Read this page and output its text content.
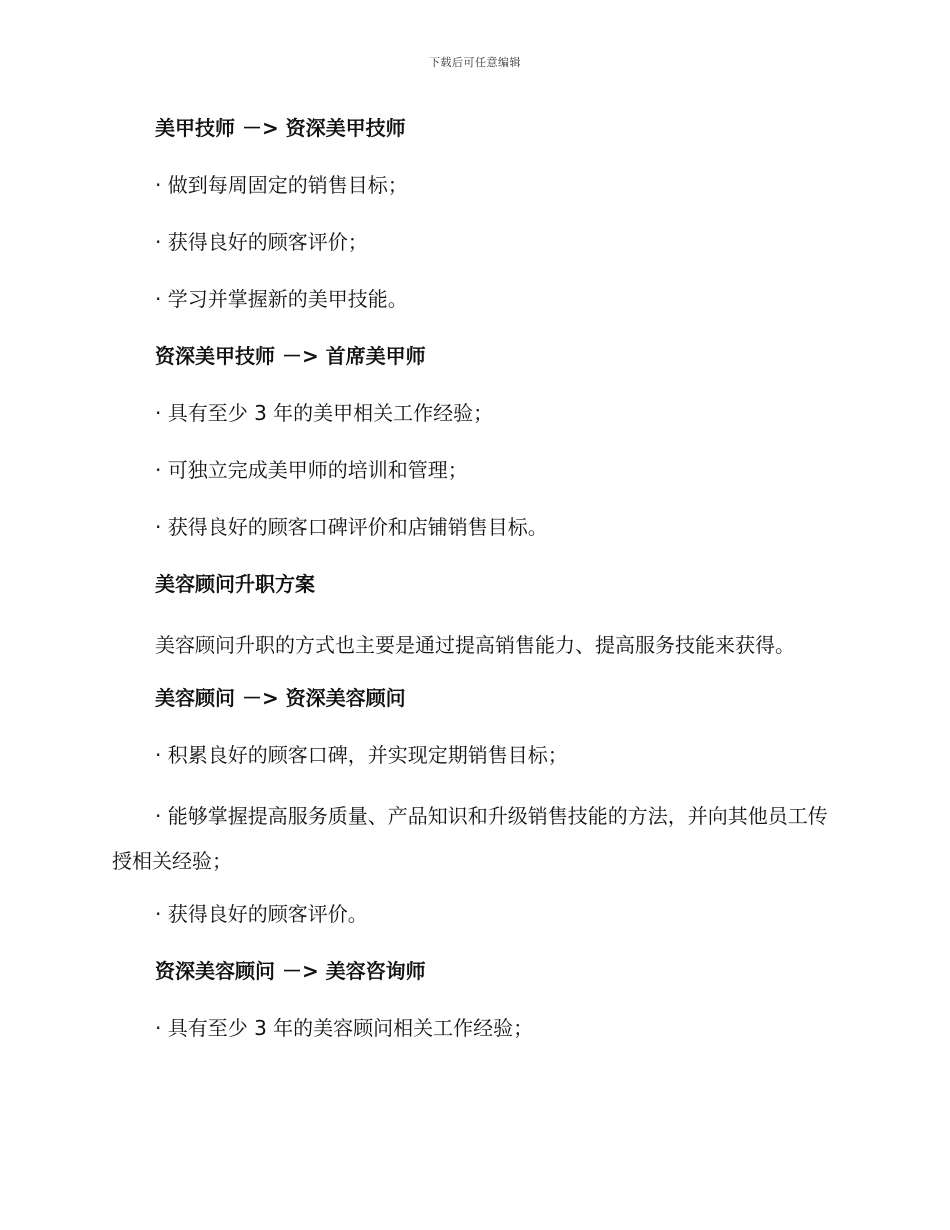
下载后可任意编辑

美甲技师 －> 资深美甲技师

· 做到每周固定的销售目标；

· 获得良好的顾客评价；

· 学习并掌握新的美甲技能。

资深美甲技师 －> 首席美甲师

· 具有至少 3 年的美甲相关工作经验；

· 可独立完成美甲师的培训和管理；

· 获得良好的顾客口碑评价和店铺销售目标。

美容顾问升职方案

美容顾问升职的方式也主要是通过提高销售能力、提高服务技能来获得。

美容顾问 －> 资深美容顾问

· 积累良好的顾客口碑，并实现定期销售目标；

· 能够掌握提高服务质量、产品知识和升级销售技能的方法，并向其他员工传授相关经验；

· 获得良好的顾客评价。

资深美容顾问 －> 美容咨询师

· 具有至少 3 年的美容顾问相关工作经验；
